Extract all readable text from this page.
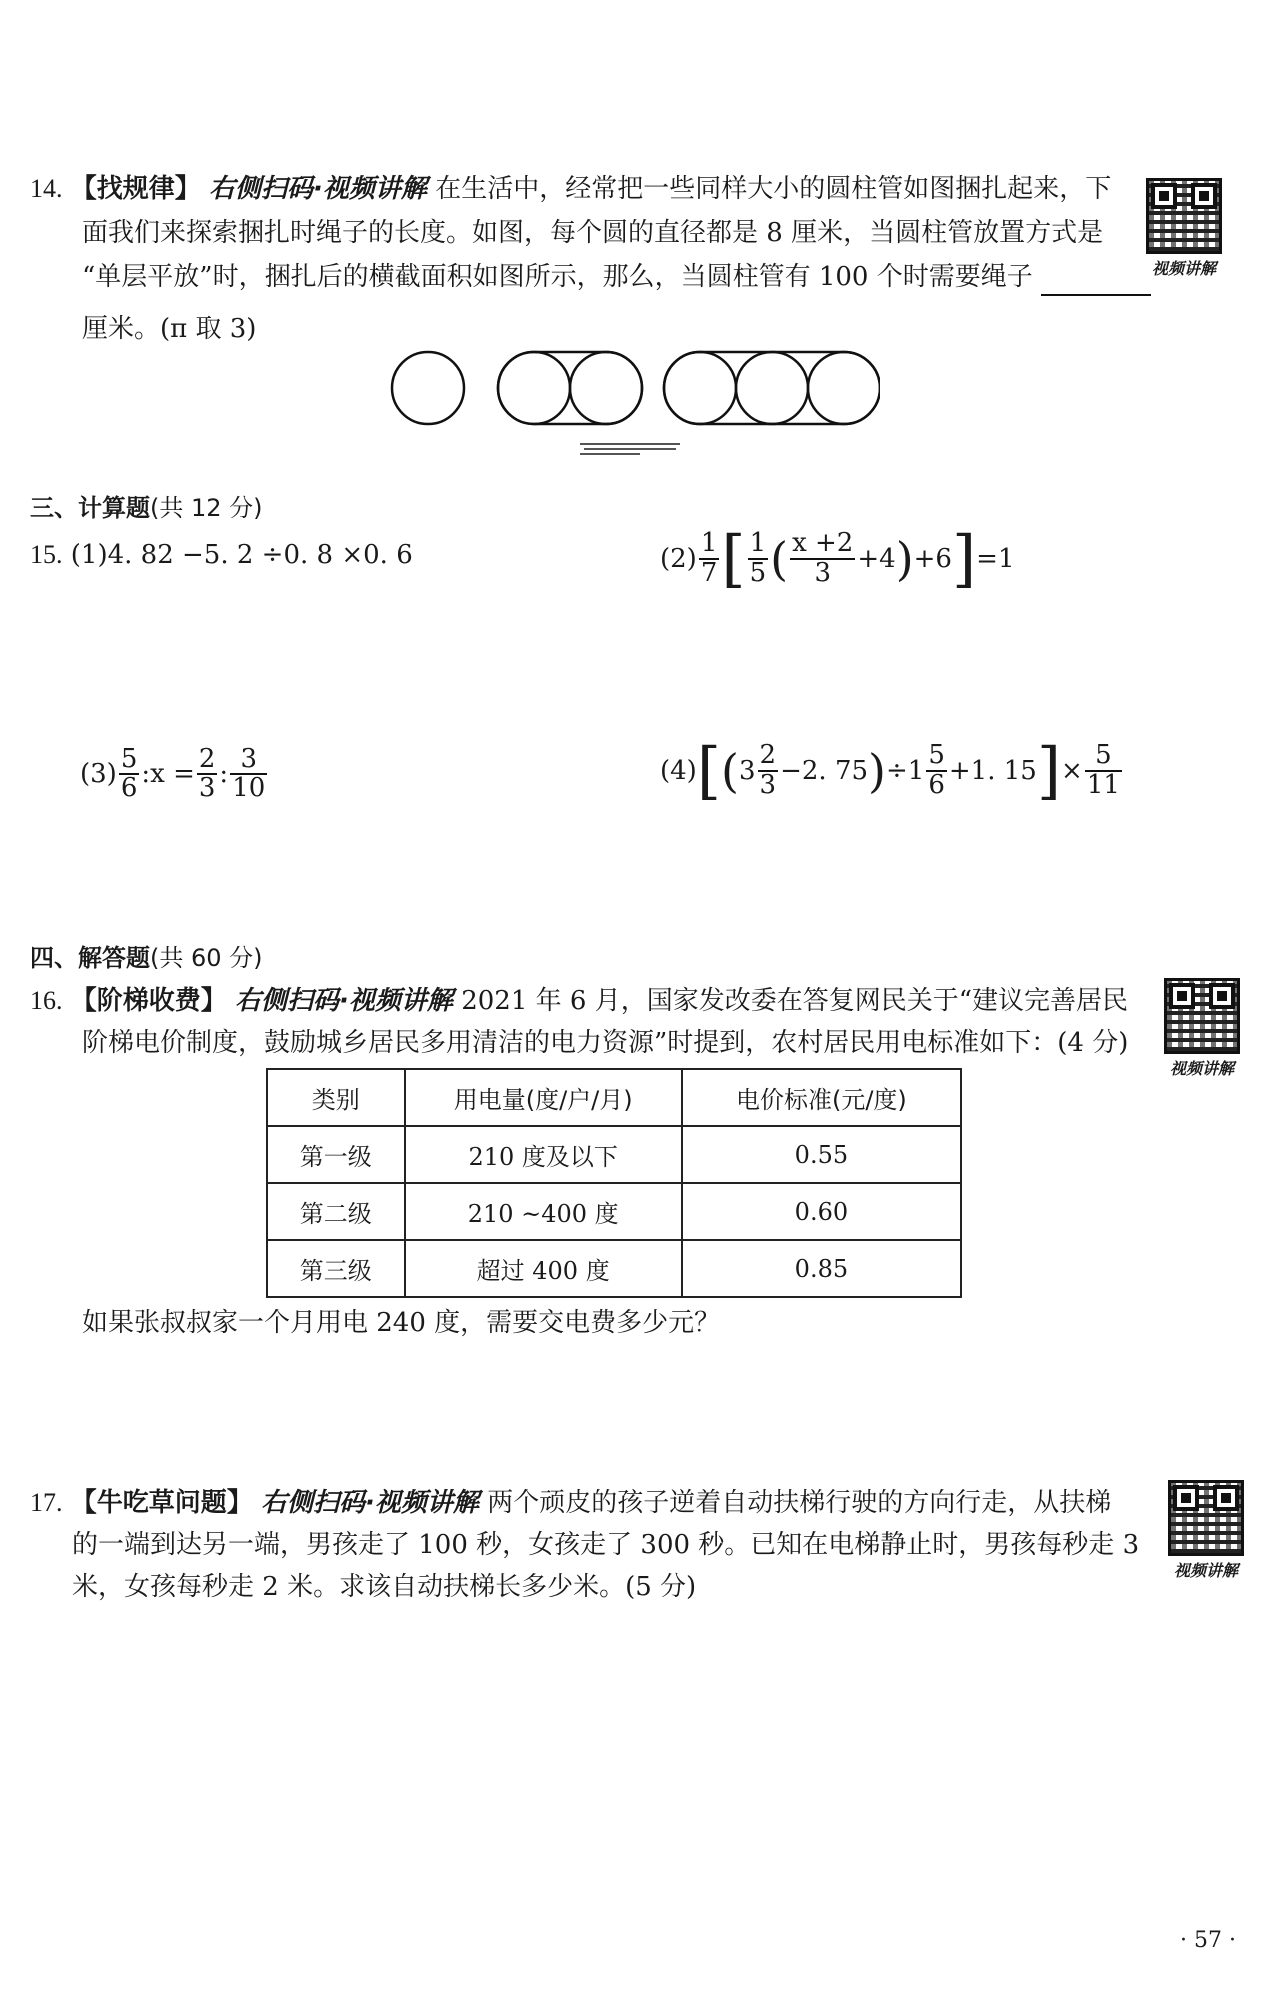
14. 【找规律】 右侧扫码·视频讲解 在生活中，经常把一些同样大小的圆柱管如图捆扎起来，下
面我们来探索捆扎时绳子的长度。如图，每个圆的直径都是 8 厘米，当圆柱管放置方式是
“单层平放”时，捆扎后的横截面积如图所示，那么，当圆柱管有 100 个时需要绳子
厘米。(π 取 3)
视频讲解
三、计算题(共 12 分)
15. (1)4. 82 −5. 2 ÷0. 8 ×0. 6	$(2) \frac{1}{7}$ [ $\frac{1}{5}$ ( $\frac{x +2}{3} +4$ ) +6 ] =1
$(3) \frac{5}{6}$ :x = $\frac{2}{3}$ : $\frac{3}{10}$	(4) [ ( $3 \frac{2}{3} -2$. 75 ) $\div 1 \frac{5}{6} +1$. 15 ] × $\frac{5}{11}$
四、解答题(共 60 分)
16. 【阶梯收费】 右侧扫码·视频讲解 2021 年 6 月，国家发改委在答复网民关于“建议完善居民
阶梯电价制度，鼓励城乡居民多用清洁的电力资源”时提到，农村居民用电标准如下：(4 分)
视频讲解
类别	用电量(度/户/月)	电价标准(元/度)
第一级	210 度及以下	0.55
第二级	210 ~400 度	0.60
第三级	超过 400 度	0.85
如果张叔叔家一个月用电 240 度，需要交电费多少元？
17. 【牛吃草问题】 右侧扫码·视频讲解 两个顽皮的孩子逆着自动扶梯行驶的方向行走，从扶梯
的一端到达另一端，男孩走了 100 秒，女孩走了 300 秒。已知在电梯静止时，男孩每秒走 3
米，女孩每秒走 2 米。求该自动扶梯长多少米。(5 分)
视频讲解
· 57 ·
